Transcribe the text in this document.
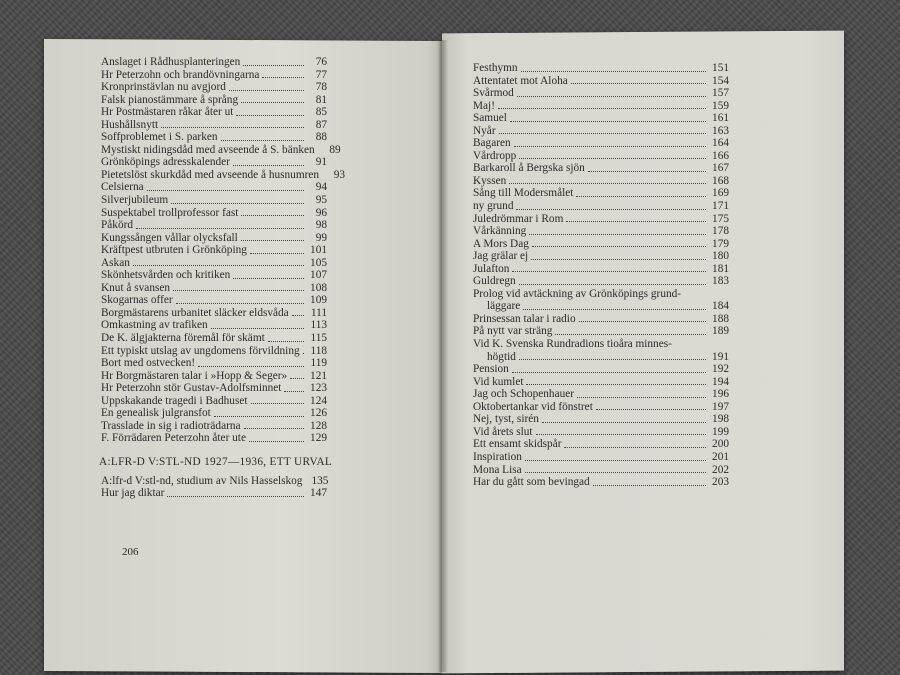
Anslaget i Rådhusplanteringen	76
Hr Peterzohn och brandövningarna	77
Kronprinstävlan nu avgjord	78
Falsk pianostämmare å språng	81
Hr Postmästaren råkar åter ut	85
Hushållsnytt	87
Soffproblemet i S. parken	88
Mystiskt nidingsdåd med avseende å S. bänken	89
Grönköpings adresskalender	91
Pietetslöst skurkdåd med avseende å husnumren	93
Celsierna	94
Silverjubileum	95
Suspektabel trollprofessor fast	96
Påkörd	98
Kungssången vållar olycksfall	99
Kräftpest utbruten i Grönköping	101
Askan	105
Skönhetsvården och kritiken	107
Knut å svansen	108
Skogarnas offer	109
Borgmästarens urbanitet släcker eldsvåda	111
Omkastning av trafiken	113
De K. älgjakterna föremål för skämt	115
Ett typiskt utslag av ungdomens förvildning 118
Bort med ostvecken!	119
Hr Borgmästaren talar i »Hopp & Seger» 121
Hr Peterzohn stör Gustav-Adolfsminnet	123
Uppskakande tragedi i Badhuset	124
En genealisk julgransfot	126
Trasslade in sig i radioträdarna	128
F. Förrädaren Peterzohn åter ute	129
A:LFR-D V:STL-ND 1927—1936, ETT URVAL
A:lfr-d V:stl-nd, studium av Nils Hasselskog 135
Hur jag diktar	147
206
Festhymn	151
Attentatet mot Aloha	154
Svårmod	157
Maj!	159
Samuel	161
Nyår	163
Bagaren	164
Vårdropp	166
Barkaroll å Bergska sjön	167
Kyssen	168
Sång till Modersmålet	169
ny grund	171
Juledrömmar i Rom	175
Vårkänning	178
A Mors Dag	179
Jag grälar ej	180
Julafton	181
Guldregn	183
Prolog vid avtäckning av Grönköpings grund-
läggare	184
Prinsessan talar i radio	188
På nytt var sträng	189
Vid K. Svenska Rundradions tioåra minnes-
högtid	191
Pension	192
Vid kumlet	194
Jag och Schopenhauer	196
Oktobertankar vid fönstret	197
Nej, tyst, sirén	198
Vid årets slut	199
Ett ensamt skidspår	200
Inspiration	201
Mona Lisa	202
Har du gått som bevingad	203
